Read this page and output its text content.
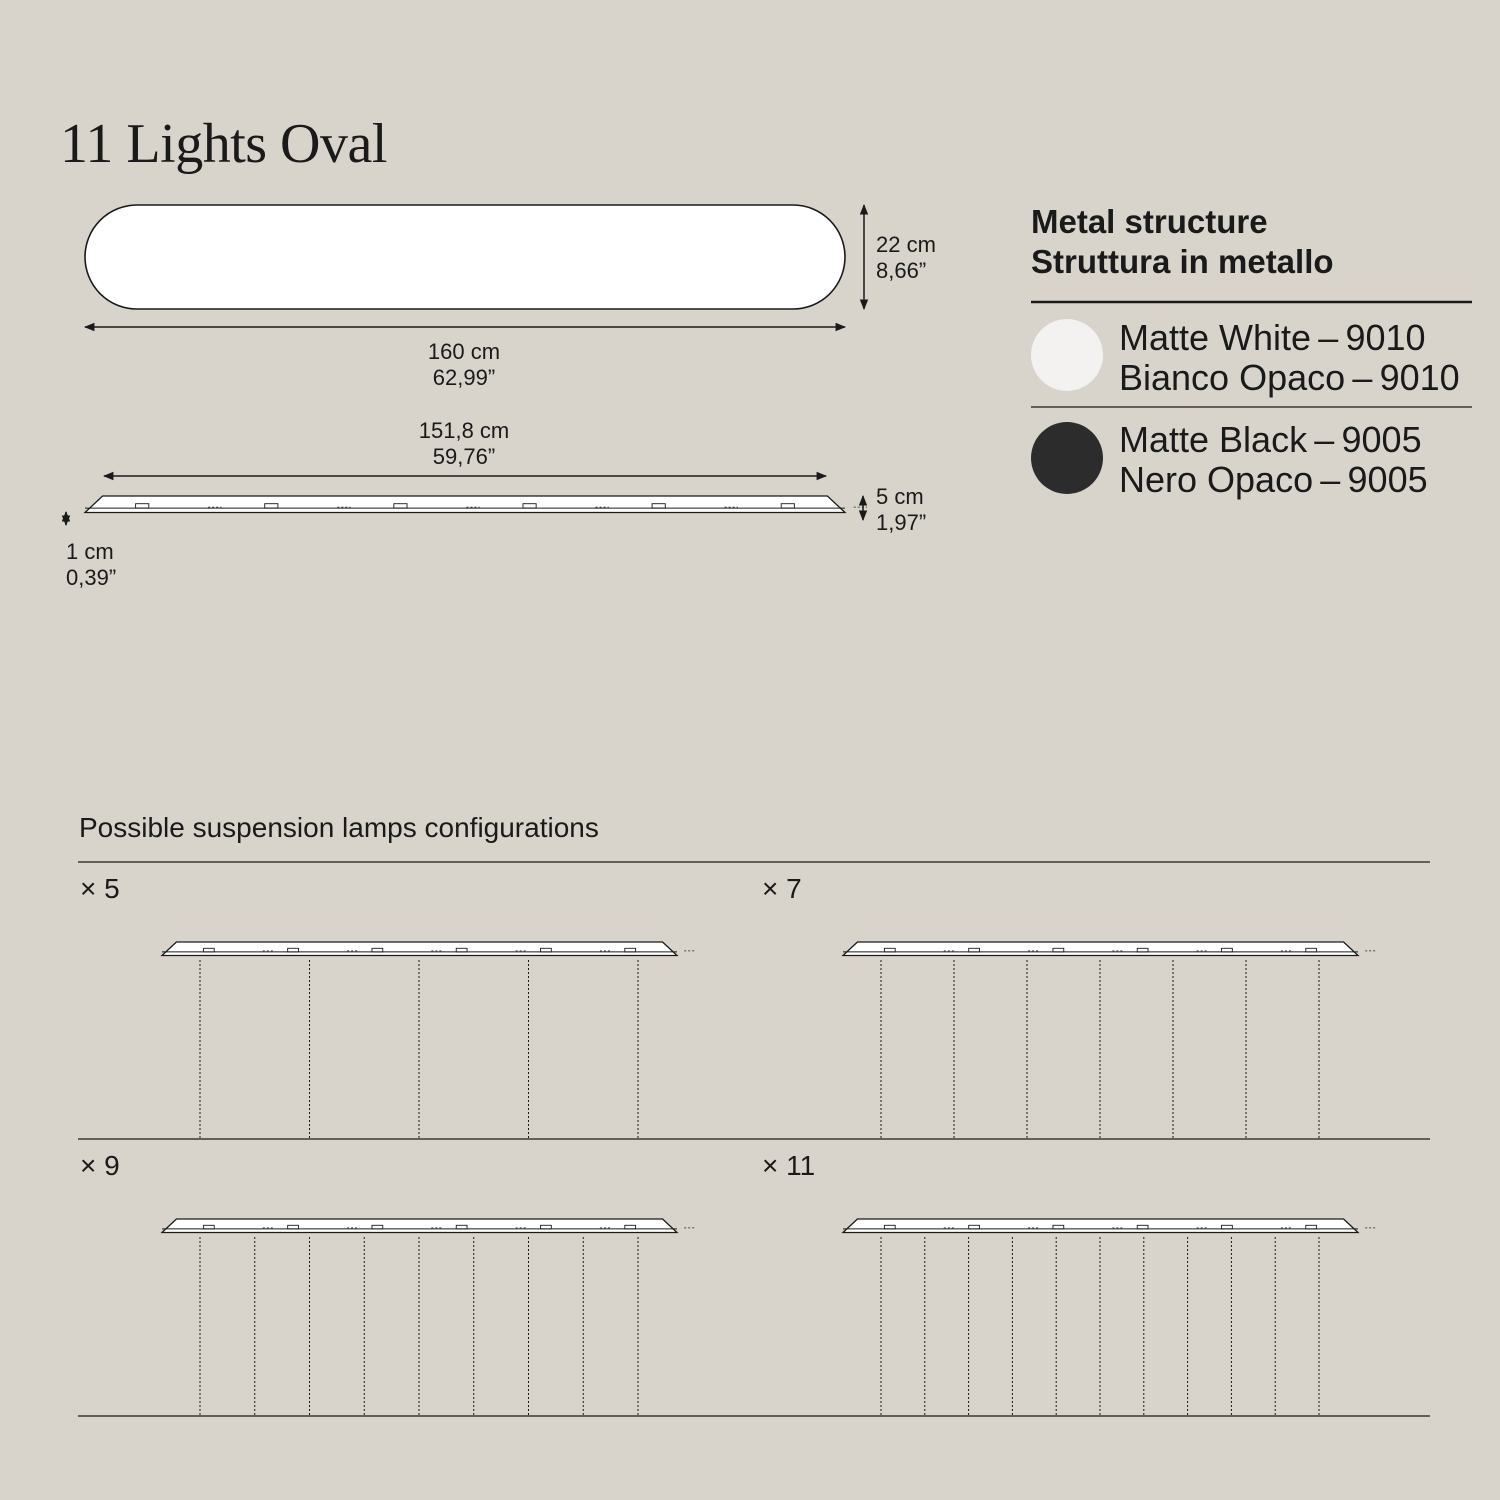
11 Lights Oval
22 cm
8,66”
160 cm
62,99”
151,8 cm
59,76”
5 cm
1,97”
1 cm
0,39”
Metal structure
Struttura in metallo
Matte White – 9010
Bianco Opaco – 9010
Matte Black – 9005
Nero Opaco – 9005
Possible suspension lamps configurations
× 5	× 7
× 9	× 11
